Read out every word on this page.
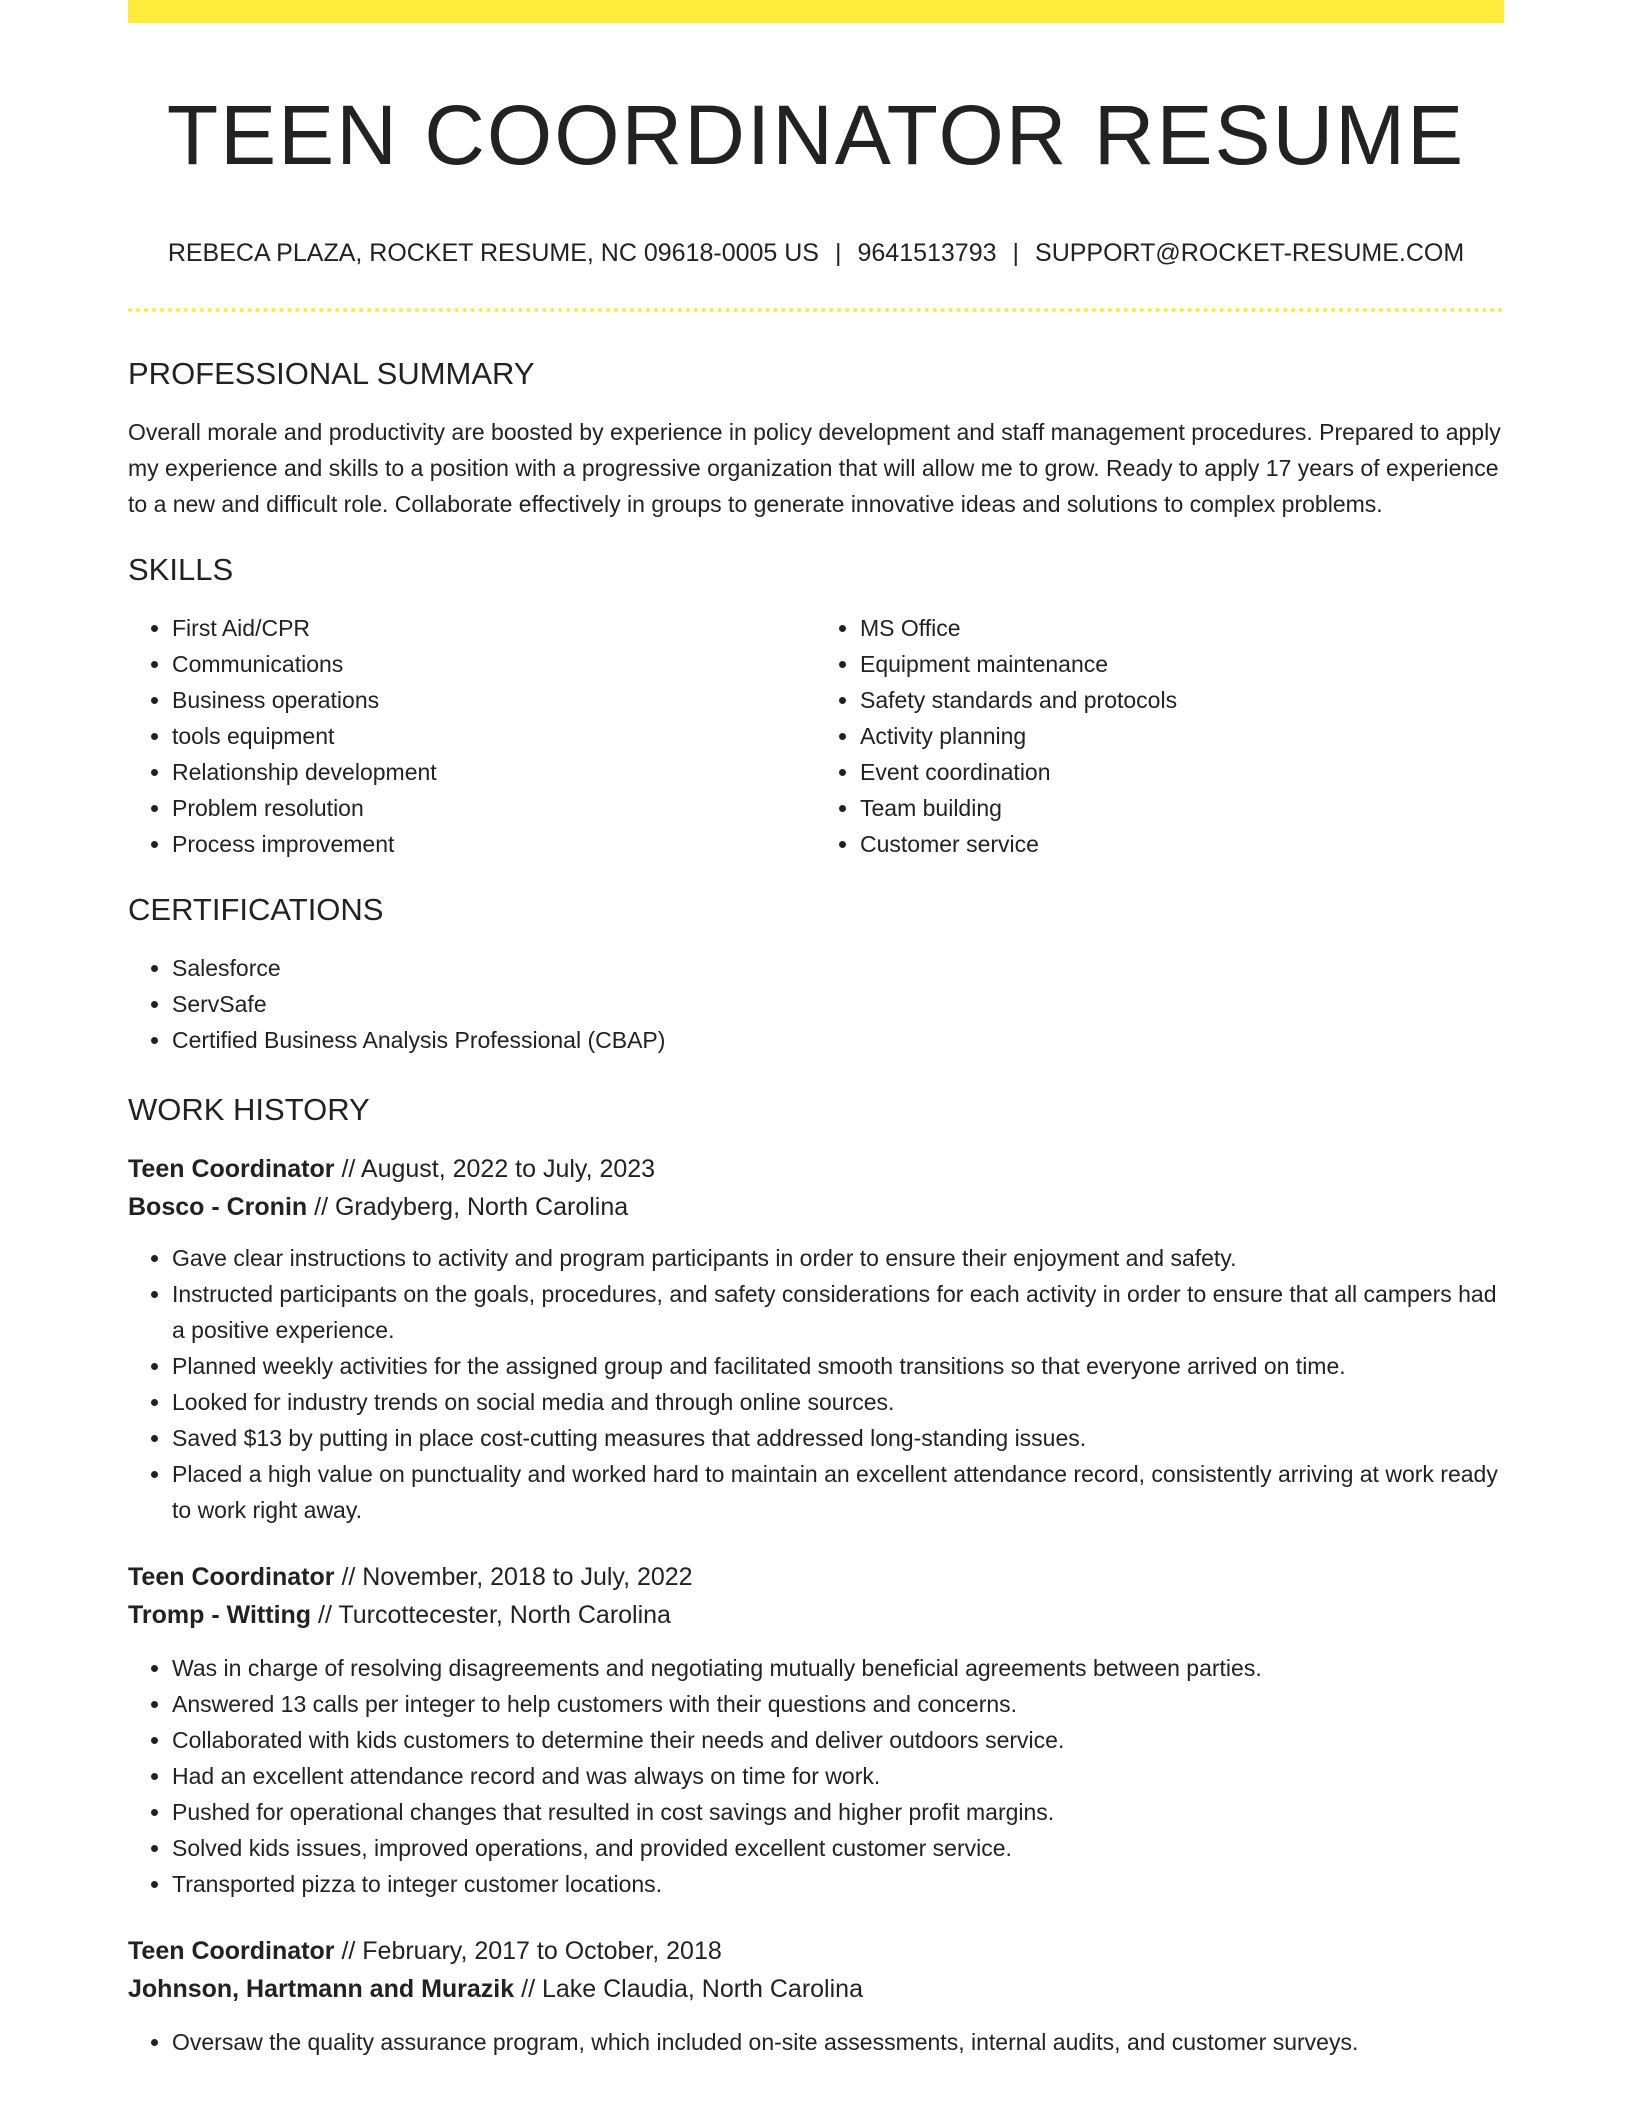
TEEN COORDINATOR RESUME
REBECA PLAZA, ROCKET RESUME, NC 09618-0005 US | 9641513793 | SUPPORT@ROCKET-RESUME.COM
PROFESSIONAL SUMMARY

Overall morale and productivity are boosted by experience in policy development and staff management procedures. Prepared to apply my experience and skills to a position with a progressive organization that will allow me to grow. Ready to apply 17 years of experience to a new and difficult role. Collaborate effectively in groups to generate innovative ideas and solutions to complex problems.

SKILLS
• First Aid/CPR
• Communications
• Business operations
• tools equipment
• Relationship development
• Problem resolution
• Process improvement
• MS Office
• Equipment maintenance
• Safety standards and protocols
• Activity planning
• Event coordination
• Team building
• Customer service
CERTIFICATIONS
• Salesforce
• ServSafe
• Certified Business Analysis Professional (CBAP)
WORK HISTORY

Teen Coordinator // August, 2022 to July, 2023

Bosco - Cronin // Gradyberg, North Carolina

• Gave clear instructions to activity and program participants in order to ensure their enjoyment and safety.
• Instructed participants on the goals, procedures, and safety considerations for each activity in order to ensure that all campers had a positive experience.
• Planned weekly activities for the assigned group and facilitated smooth transitions so that everyone arrived on time.
• Looked for industry trends on social media and through online sources.
• Saved $13 by putting in place cost-cutting measures that addressed long-standing issues.
• Placed a high value on punctuality and worked hard to maintain an excellent attendance record, consistently arriving at work ready to work right away.

Teen Coordinator // November, 2018 to July, 2022

Tromp - Witting // Turcottecester, North Carolina

• Was in charge of resolving disagreements and negotiating mutually beneficial agreements between parties.
• Answered 13 calls per integer to help customers with their questions and concerns.
• Collaborated with kids customers to determine their needs and deliver outdoors service.
• Had an excellent attendance record and was always on time for work.
• Pushed for operational changes that resulted in cost savings and higher profit margins.
• Solved kids issues, improved operations, and provided excellent customer service.
• Transported pizza to integer customer locations.

Teen Coordinator // February, 2017 to October, 2018

Johnson, Hartmann and Murazik // Lake Claudia, North Carolina

• Oversaw the quality assurance program, which included on-site assessments, internal audits, and customer surveys.
